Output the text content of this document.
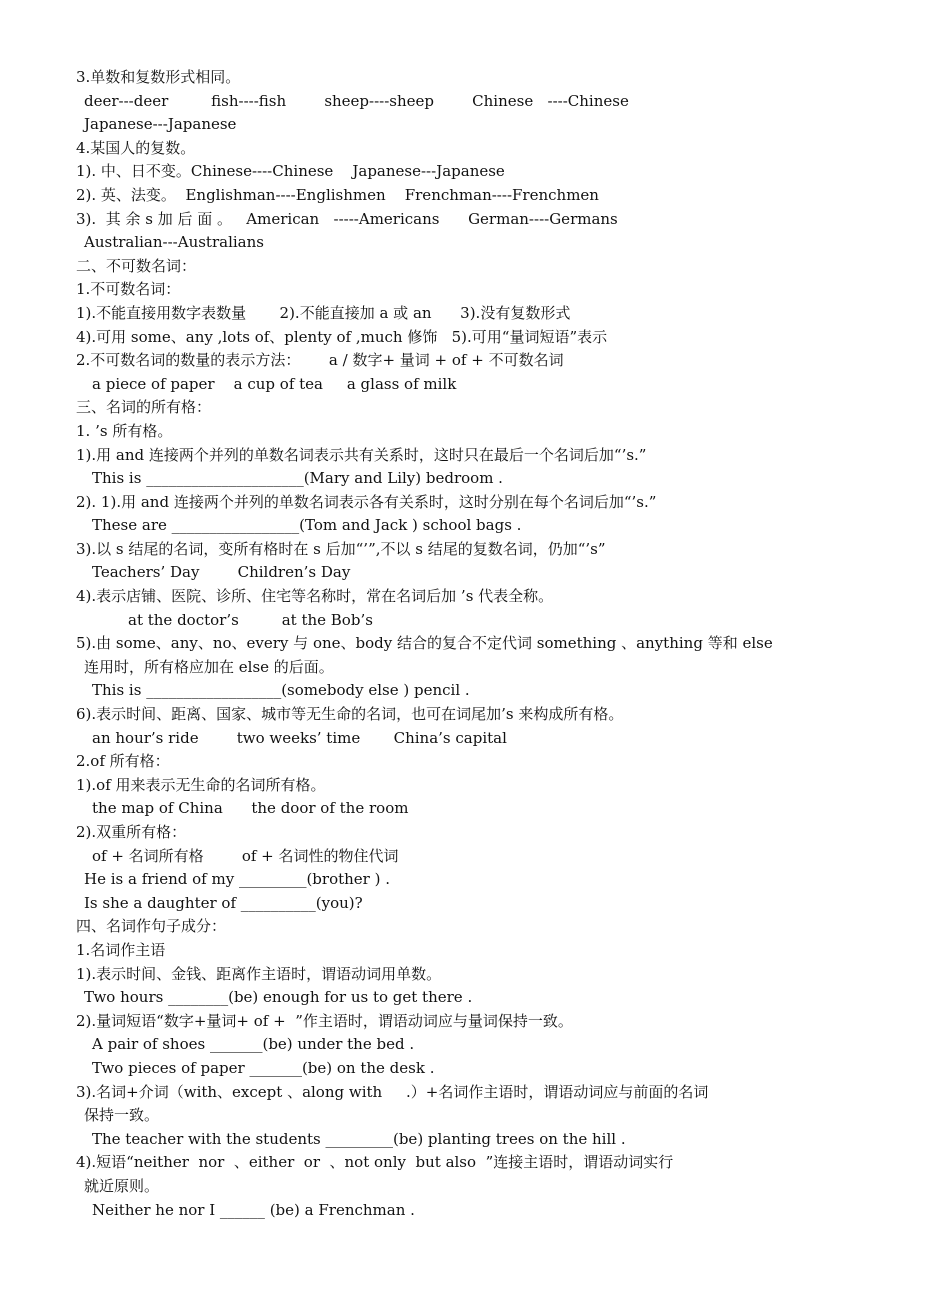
3.单数和复数形式相同。
deer---deer         fish----fish        sheep----sheep        Chinese   ----Chinese
Japanese---Japanese
4.某国人的复数。
1). 中、日不变。Chinese----Chinese    Japanese---Japanese
2). 英、法变。  Englishman----Englishmen    Frenchman----Frenchmen
3).  其 余 s 加 后 面 。   American   -----Americans      German----Germans
Australian---Australians
二、不可数名词：
1.不可数名词：
1).不能直接用数字表数量       2).不能直接加 a 或 an      3).没有复数形式
4).可用 some、any ,lots of、plenty of ,much 修饰   5).可用“量词短语”表示
2.不可数名词的数量的表示方法：      a / 数字+ 量词 + of + 不可数名词
a piece of paper    a cup of tea     a glass of milk
三、名词的所有格：
1. ’s 所有格。
1).用 and 连接两个并列的单数名词表示共有关系时，这时只在最后一个名词后加“’s.”
This is _____________________(Mary and Lily) bedroom .
2). 1).用 and 连接两个并列的单数名词表示各有关系时，这时分别在每个名词后加“’s.”
These are _________________(Tom and Jack ) school bags .
3).以 s 结尾的名词，变所有格时在 s 后加“’”,不以 s 结尾的复数名词，仍加“’s”
Teachers’ Day        Children’s Day
4).表示店铺、医院、诊所、住宅等名称时，常在名词后加 ’s 代表全称。
at the doctor’s         at the Bob’s
5).由 some、any、no、every 与 one、body 结合的复合不定代词 something 、anything 等和 else
连用时，所有格应加在 else 的后面。
This is __________________(somebody else ) pencil .
6).表示时间、距离、国家、城市等无生命的名词，也可在词尾加’s 来构成所有格。
an hour’s ride        two weeks’ time       China’s capital
2.of 所有格：
1).of 用来表示无生命的名词所有格。
the map of China      the door of the room
2).双重所有格：
of + 名词所有格        of + 名词性的物住代词
He is a friend of my _________(brother ) .
Is she a daughter of __________(you)?
四、名词作句子成分：
1.名词作主语
1).表示时间、金钱、距离作主语时，谓语动词用单数。
Two hours ________(be) enough for us to get there .
2).量词短语“数字+量词+ of +  ”作主语时，谓语动词应与量词保持一致。
A pair of shoes _______(be) under the bed .
Two pieces of paper _______(be) on the desk .
3).名词+介词（with、except 、along with     .）+名词作主语时，谓语动词应与前面的名词
保持一致。
The teacher with the students _________(be) planting trees on the hill .
4).短语“neither  nor  、either  or  、not only  but also  ”连接主语时，谓语动词实行
就近原则。
Neither he nor I ______ (be) a Frenchman .
